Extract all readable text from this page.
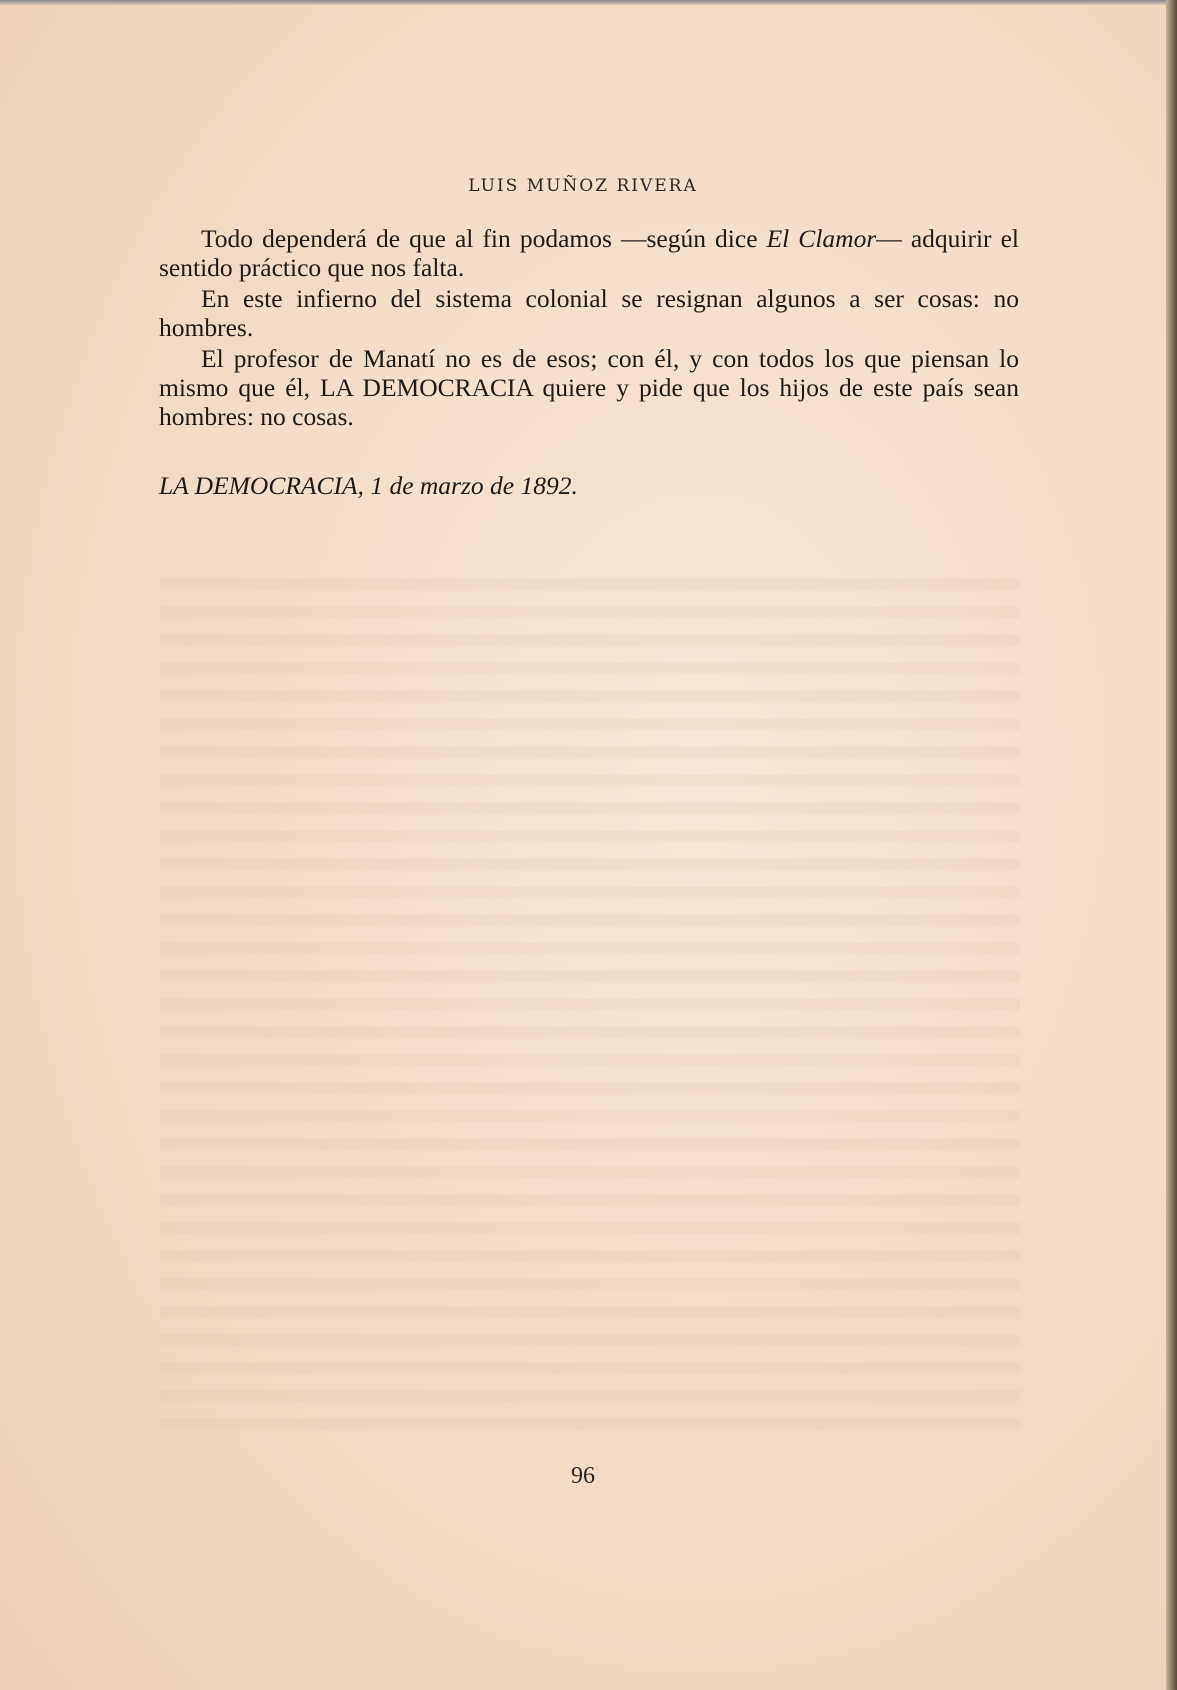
LUIS MUÑOZ RIVERA

Todo dependerá de que al fin podamos —según dice El Clamor— adquirir el sentido práctico que nos falta.

En este infierno del sistema colonial se resignan algunos a ser cosas: no hombres.

El profesor de Manatí no es de esos; con él, y con todos los que piensan lo mismo que él, LA DEMOCRACIA quiere y pide que los hijos de este país sean hombres: no cosas.

LA DEMOCRACIA, 1 de marzo de 1892.
96
